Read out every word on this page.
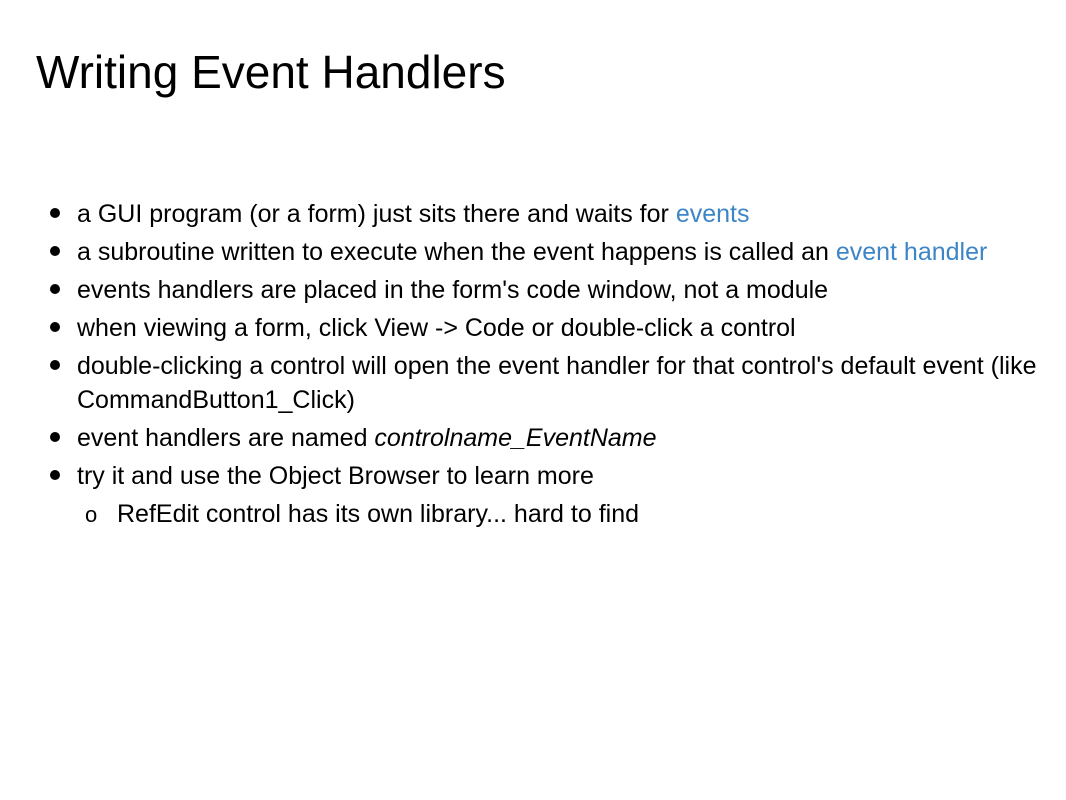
Writing Event Handlers
a GUI program (or a form) just sits there and waits for events
a subroutine written to execute when the event happens is called an event handler
events handlers are placed in the form's code window, not a module
when viewing a form, click View -> Code or double-click a control
double-clicking a control will open the event handler for that control's default event (like CommandButton1_Click)
event handlers are named controlname_EventName
try it and use the Object Browser to learn more
o RefEdit control has its own library... hard to find
